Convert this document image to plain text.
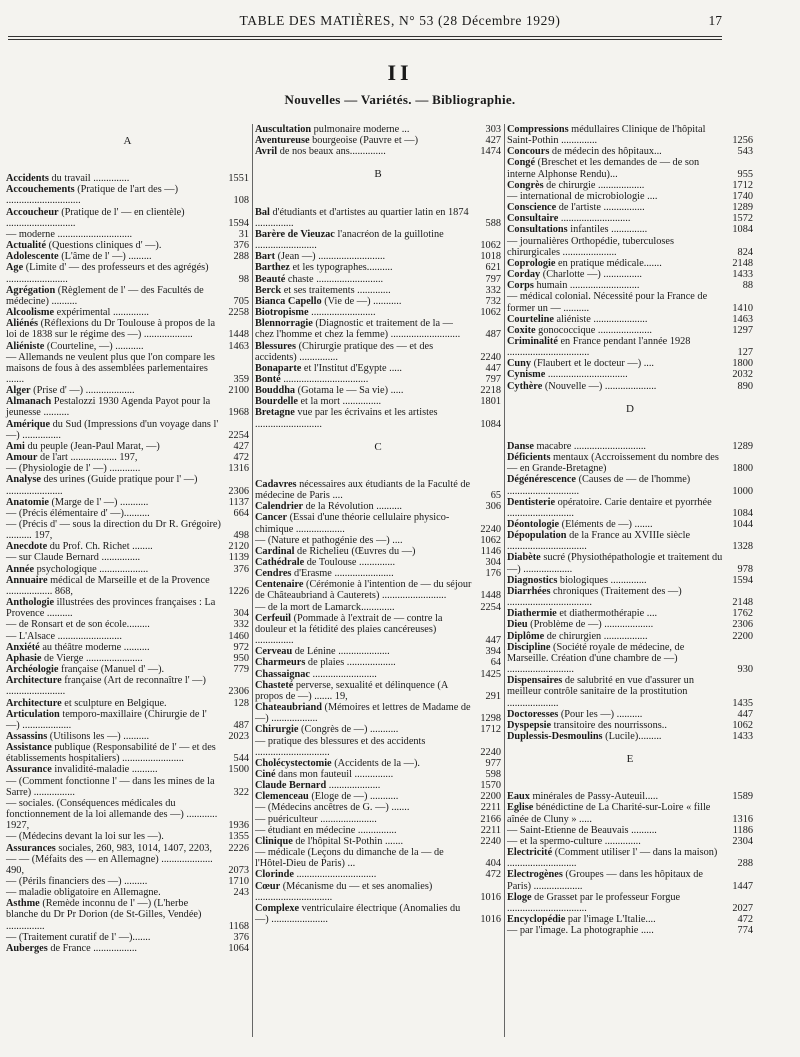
TABLE DES MATIÈRES, N° 53 (28 Décembre 1929)	17
II
Nouvelles — Variétés. — Bibliographie.
A
Accidents du travail ..............	1551
Accouchements (Pratique de l'art des —) .............................	108
Accoucheur (Pratique de l' — en clientèle) ...........................	1594
— moderne .............................	31
Actualité (Questions cliniques d' —).	376
Adolescente (L'âme de l' —) .........	288
Age (Limite d' — des professeurs et des agrégés) ........................	98
Agrégation (Règlement de l' — des Facultés de médecine) ..........	705
Alcoolisme expérimental ..............	2258
Aliénés (Réflexions du Dr Toulouse à propos de la loi de 1838 sur le régime des —) ...................	1448
Aliéniste (Courteline, —) ...........	1463
— Allemands ne veulent plus que l'on compare les maisons de fous à des assemblées parlementaires .......	359
Alger (Prise d' —) ...................	2100
Almanach Pestalozzi 1930 Agenda Payot pour la jeunesse ..........	1968
Amérique du Sud (Impressions d'un voyage dans l' —) ...............	2254
Ami du peuple (Jean-Paul Marat, —)	427
Amour de l'art .................. 197,	472
— (Physiologie de l' —) ............	1316
Analyse des urines (Guide pratique pour l' —) ......................	2306
Anatomie (Marge de l' —) ...........	1137
— (Précis élémentaire d' —)..........	664
— (Précis d' — sous la direction du Dr R. Grégoire) .......... 197,	498
Anecdote du Prof. Ch. Richet ........	2120
— sur Claude Bernard ...............	1139
Année psychologique ...................	376
Annuaire médical de Marseille et de la Provence .................. 868,	1226
Anthologie illustrées des provinces françaises : La Provence ..........	304
— de Ronsart et de son école.........	332
— L'Alsace .........................	1460
Anxiété au théâtre moderne ..........	972
Aphasie de Vierge ......................	950
Archéologie française (Manuel d' —).	779
Architecture française (Art de reconnaître l' —) .......................	2306
Architecture et sculpture en Belgique.	128
Articulation temporo-maxillaire (Chirurgie de l' —) ...................	487
Assassins (Utilisons les —) ..........	2023
Assistance publique (Responsabilité de l' — et des établissements hospitaliers) ........................	544
Assurance invalidité-maladie ..........	1500
— (Comment fonctionne l' — dans les mines de la Sarre) ................	322
— sociales. (Conséquences médicales du fonctionnement de la loi allemande des —) ............ 1927,	1936
— (Médecins devant la loi sur les —).	1355
Assurances sociales, 260, 983, 1014, 1407, 2203,	2226
— — (Méfaits des — en Allemagne) .................... 490,	2073
— (Périls financiers des —) .........	1710
— maladie obligatoire en Allemagne.	243
Asthme (Remède inconnu de l' —) (L'herbe blanche du Dr Pr Dorion (de St-Gilles, Vendée) ...............	1168
— (Traitement curatif de l' —).......	376
Auberges de France .................	1064
Auscultation pulmonaire moderne ...	303
Aventureuse bourgeoise (Pauvre et —)	427
Avril de nos beaux ans..............	1474
B
Bal d'étudiants et d'artistes au quartier latin en 1874 ...............	588
Barère de Vieuzac l'anacréon de la guillotine ........................	1062
Bart (Jean —) ..........................	1018
Barthez et les typographes..........	621
Beauté chaste ..........................	797
Berck et ses traitements .............	332
Bianca Capello (Vie de —) ...........	732
Biotropisme .........................	1062
Blennorragie (Diagnostic et traitement de la — chez l'homme et chez la femme) ...........................	487
Blessures (Chirurgie pratique des — et des accidents) ...............	2240
Bonaparte et l'Institut d'Egypte .....	447
Bonté .................................	797
Bouddha (Gotama le — Sa vie) .....	2218
Bourdelle et la mort ...............	1801
Bretagne vue par les écrivains et les artistes ..........................	1084
C
Cadavres nécessaires aux étudiants de la Faculté de médecine de Paris ....	65
Calendrier de la Révolution ..........	306
Cancer (Essai d'une théorie cellulaire physico-chimique ...................	2240
— (Nature et pathogénie des —) ....	1062
Cardinal de Richelieu (Œuvres du —)	1146
Cathédrale de Toulouse ..............	304
Cendres d'Erasme .......................	176
Centenaire (Cérémonie à l'intention de — du séjour de Châteaubriand à Cauterets) .........................	1448
— de la mort de Lamarck.............	2254
Cerfeuil (Pommade à l'extrait de — contre la douleur et la fétidité des plaies cancéreuses) ...............	447
Cerveau de Lénine ....................	394
Charmeurs de plaies ...................	64
Chassaignac .........................	1425
Chasteté perverse, sexualité et délinquence (A propos de —) ....... 19,	291
Chateaubriand (Mémoires et lettres de Madame de —) ..................	1298
Chirurgie (Congrès de —) ...........	1712
— pratique des blessures et des accidents .............................	2240
Cholécystectomie (Accidents de la —).	977
Ciné dans mon fauteuil ...............	598
Claude Bernard ....................	1570
Clemenceau (Eloge de —) ...........	2200
— (Médecins ancêtres de G. —) .......	2211
— puériculteur ......................	2166
— étudiant en médecine ...............	2211
Clinique de l'hôpital St-Pothin .......	2240
— médicale (Leçons du dimanche de la — de l'Hôtel-Dieu de Paris) ...	404
Clorinde ...............................	472
Cœur (Mécanisme du — et ses anomalies) ..............................	1016
Complexe ventriculaire électrique (Anomalies du —) ......................	1016
Compressions médullaires Clinique de l'hôpital Saint-Pothin ..............	1256
Concours de médecin des hôpitaux...	543
Congé (Breschet et les demandes de — de son interne Alphonse Rendu)...	955
Congrès de chirurgie ..................	1712
— international de microbiologie ....	1740
Conscience de l'artiste ................	1289
Consultaire ...........................	1572
Consultations infantiles ..............	1084
— journalières Orthopédie, tuberculoses chirurgicales .....................	824
Coprologie en pratique médicale.......	2148
Corday (Charlotte —) ...............	1433
Corps humain ...........................	88
— médical colonial. Nécessité pour la France de former un — ..........	1410
Courteline aliéniste .....................	1463
Coxite gonococcique .....................	1297
Criminalité en France pendant l'année 1928 ................................	127
Cuny (Flaubert et le docteur —) ....	1800
Cynisme ...............................	2032
Cythère (Nouvelle —) ....................	890
D
Danse macabre ............................	1289
Déficients mentaux (Accroissement du nombre des — en Grande-Bretagne)	1800
Dégénérescence (Causes de — de l'homme) ............................	1000
Dentisterie opératoire. Carie dentaire et pyorrhée ..........................	1084
Déontologie (Eléments de —) .......	1044
Dépopulation de la France au XVIIIe siècle ...............................	1328
Diabète sucré (Physiothépathologie et traitement du —) ...................	978
Diagnostics biologiques ..............	1594
Diarrhées chroniques (Traitement des —) .................................	2148
Diathermie et diathermothérapie ....	1762
Dieu (Problème de —) ...................	2306
Diplôme de chirurgien .................	2200
Discipline (Société royale de médecine, de Marseille. Création d'une chambre de —) ..........................	930
Dispensaires de salubrité en vue d'assurer un meilleur contrôle sanitaire de la prostitution ....................	1435
Doctoresses (Pour les —) ..........	447
Dyspepsie transitoire des nourrissons..	1062
Duplessis-Desmoulins (Lucile).........	1433
E
Eaux minérales de Passy-Auteuil.....	1589
Eglise bénédictine de La Charité-sur-Loire « fille aînée de Cluny » .....	1316
— Saint-Etienne de Beauvais ..........	1186
— et la spermo-culture ..............	2304
Electricité (Comment utiliser l' — dans la maison) ...........................	288
Electrogènes (Groupes — dans les hôpitaux de Paris) ...................	1447
Eloge de Grasset par le professeur Forgue ...............................	2027
Encyclopédie par l'image L'Italie....	472
— par l'image. La photographie .....	774
